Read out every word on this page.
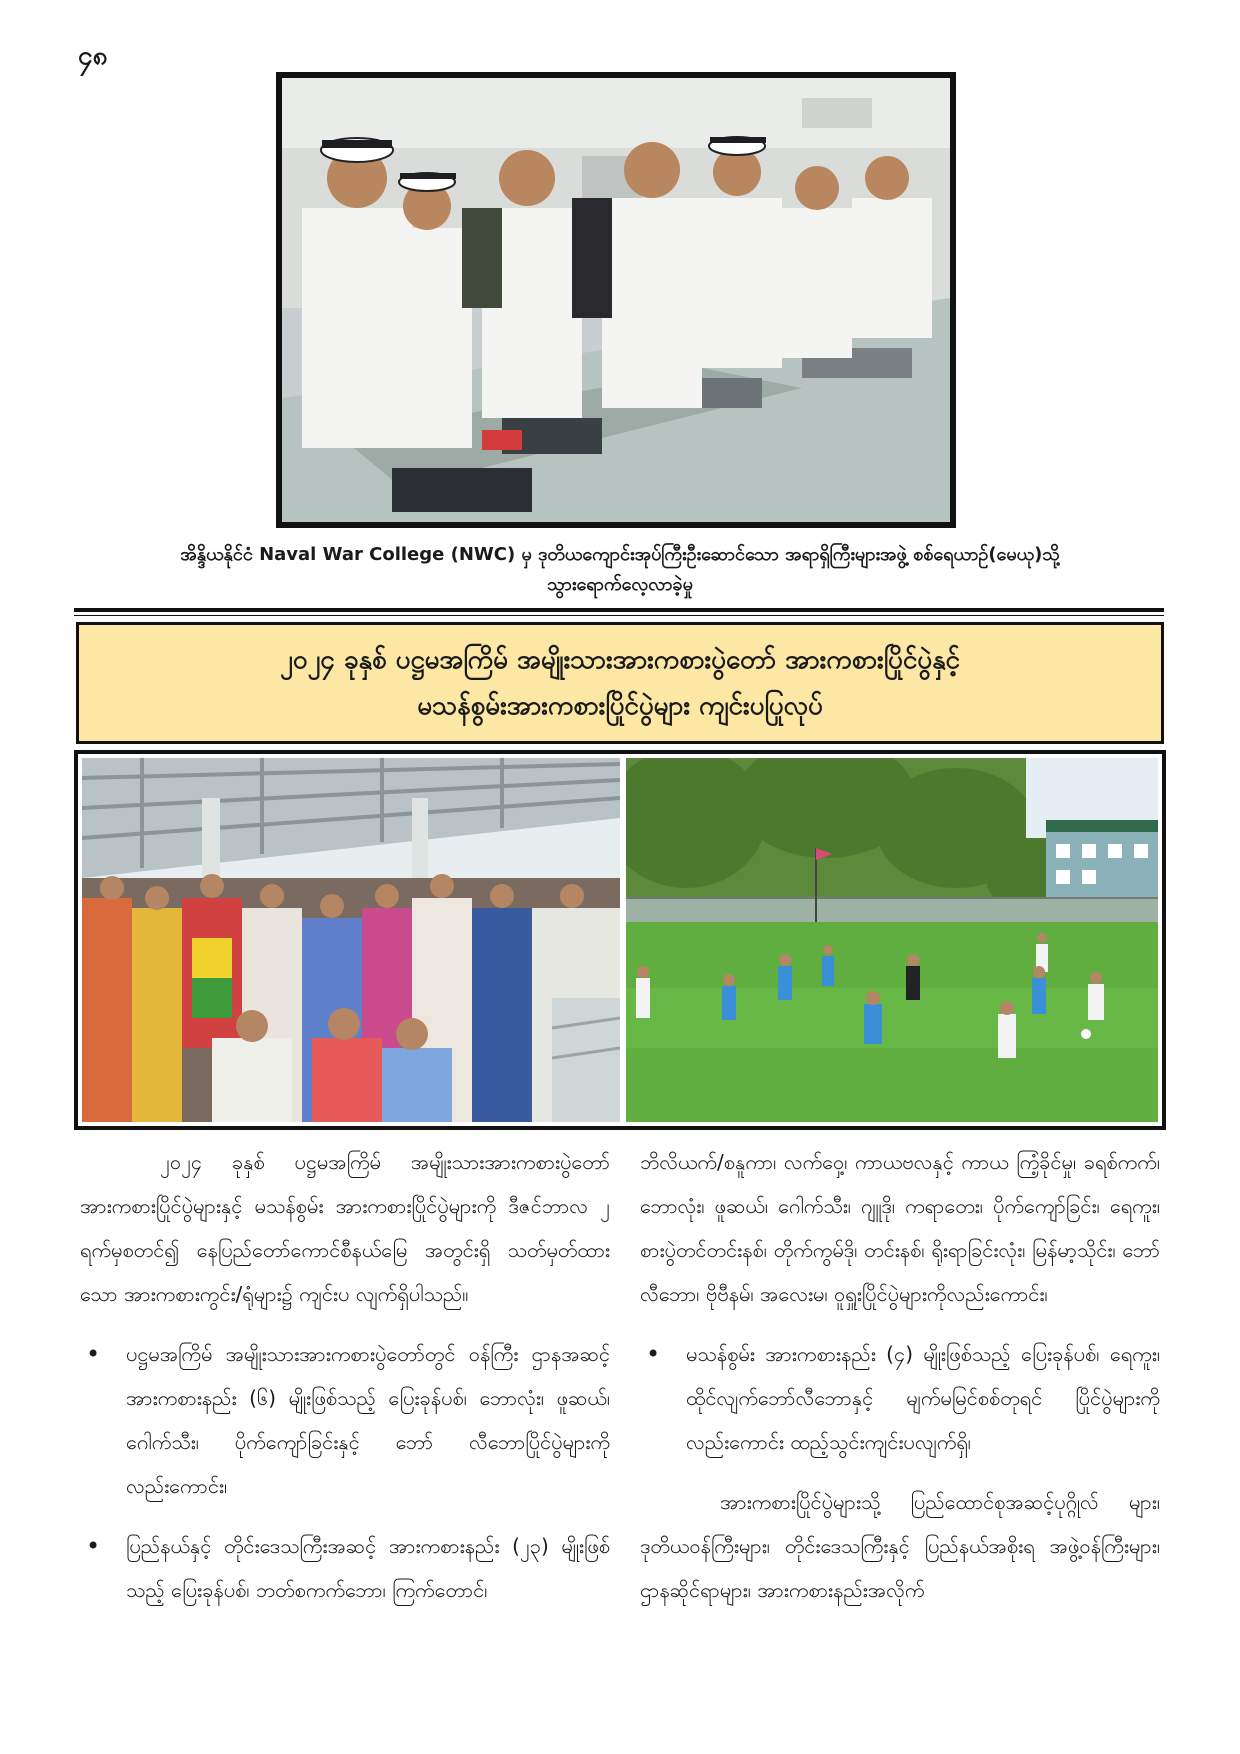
၄၈
အိန္ဒိယနိုင်ငံ Naval War College (NWC) မှ ဒုတိယကျောင်းအုပ်ကြီးဦးဆောင်သော အရာရှိကြီးများအဖွဲ့ စစ်ရေယာဉ်(မေယု)သို့
သွားရောက်လေ့လာခဲ့မှု
၂၀၂၄ ခုနှစ် ပဋ္ဌမအကြိမ် အမျိုးသားအားကစားပွဲတော် အားကစားပြိုင်ပွဲနှင့်
မသန်စွမ်းအားကစားပြိုင်ပွဲများ ကျင်းပပြုလုပ်

၂၀၂၄ ခုနှစ် ပဋ္ဌမအကြိမ် အမျိုးသားအားကစားပွဲတော် အားကစားပြိုင်ပွဲများနှင့် မသန်စွမ်း အားကစားပြိုင်ပွဲများကို ဒီဇင်ဘာလ ၂ ရက်မှစတင်၍ နေပြည်တော်ကောင်စီနယ်မြေ အတွင်းရှိ သတ်မှတ်ထားသော အားကစားကွင်း/ရုံများ၌ ကျင်းပ လျက်ရှိပါသည်။

• ပဋ္ဌမအကြိမ် အမျိုးသားအားကစားပွဲတော်တွင် ဝန်ကြီး ဌာနအဆင့် အားကစားနည်း (၆) မျိုးဖြစ်သည့် ပြေးခုန်ပစ်၊ ဘောလုံး၊ ဖူဆယ်၊ ဂေါက်သီး၊ ပိုက်ကျော်ခြင်းနှင့် ဘော် လီဘောပြိုင်ပွဲများကို လည်းကောင်း၊
• ပြည်နယ်နှင့် တိုင်းဒေသကြီးအဆင့် အားကစားနည်း (၂၃) မျိုးဖြစ်သည့် ပြေးခုန်ပစ်၊ ဘတ်စကက်ဘော၊ ကြက်တောင်၊

ဘိလိယက်/စနူကာ၊ လက်ဝှေ့၊ ကာယဗလနှင့် ကာယ ကြံ့ခိုင်မှု၊ ခရစ်ကက်၊ ဘောလုံး၊ ဖူဆယ်၊ ဂေါက်သီး၊ ဂျူဒို၊ ကရာတေး၊ ပိုက်ကျော်ခြင်း၊ ရေကူး၊ စားပွဲတင်တင်းနစ်၊ တိုက်ကွမ်ဒို၊ တင်းနစ်၊ ရိုးရာခြင်းလုံး၊ မြန်မာ့သိုင်း၊ ဘော် လီဘော၊ ဗိုဗီနမ်၊ အလေးမ၊ ဝူရှူးပြိုင်ပွဲများကိုလည်းကောင်း၊

• မသန်စွမ်း အားကစားနည်း (၄) မျိုးဖြစ်သည့် ပြေးခုန်ပစ်၊ ရေကူး၊ ထိုင်လျက်ဘော်လီဘောနှင့် မျက်မမြင်စစ်တုရင် ပြိုင်ပွဲများကိုလည်းကောင်း ထည့်သွင်းကျင်းပလျက်ရှိ၊

အားကစားပြိုင်ပွဲများသို့ ပြည်ထောင်စုအဆင့်ပုဂ္ဂိုလ် များ၊ ဒုတိယဝန်ကြီးများ၊ တိုင်းဒေသကြီးနှင့် ပြည်နယ်အစိုးရ အဖွဲ့ဝန်ကြီးများ၊ ဌာနဆိုင်ရာများ၊ အားကစားနည်းအလိုက်
